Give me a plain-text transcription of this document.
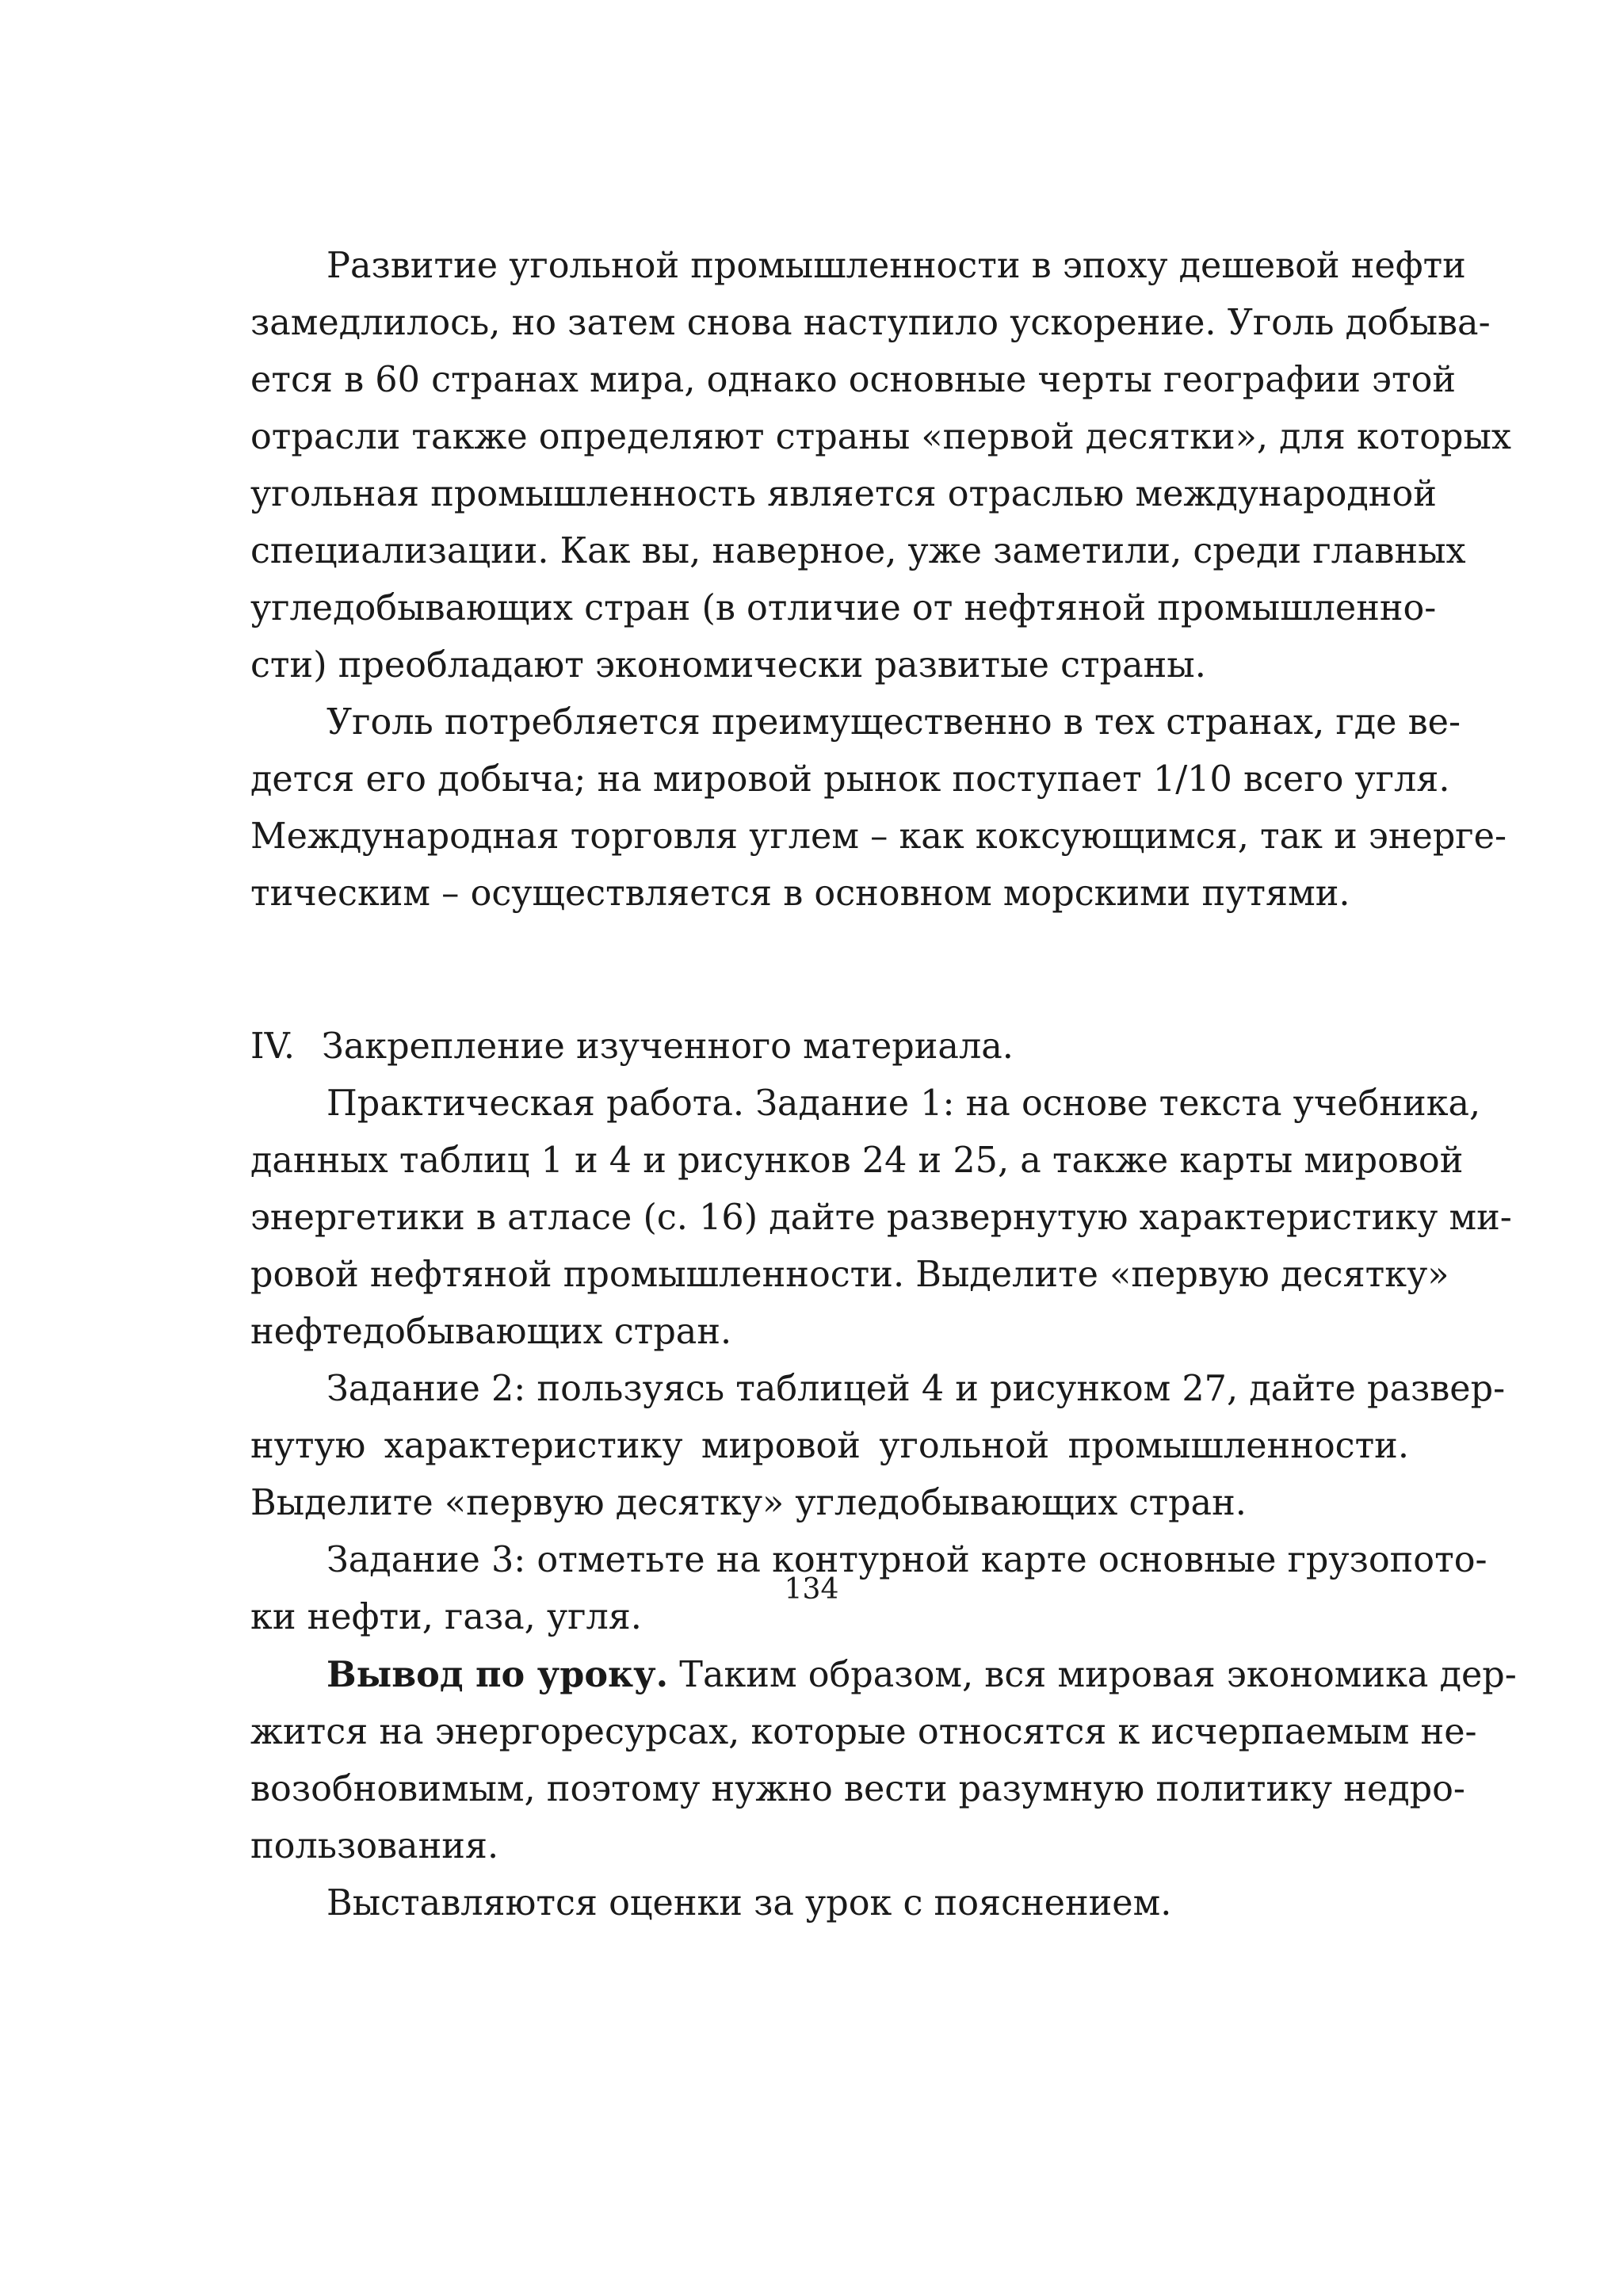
Развитие угольной промышленности в эпоху дешевой нефти

замедлилось, но затем снова наступило ускорение. Уголь добыва-

ется в 60 странах мира, однако основные черты географии этой

отрасли также определяют страны «первой десятки», для которых

угольная промышленность является отраслью международной

специализации. Как вы, наверное, уже заметили, среди главных

угледобывающих стран (в отличие от нефтяной промышленно-

сти) преобладают экономически развитые страны.

Уголь потребляется преимущественно в тех странах, где ве-

дется его добыча; на мировой рынок поступает 1/10 всего угля.

Международная торговля углем – как коксующимся, так и энерге-

тическим – осуществляется в основном морскими путями.

IV. Закрепление изученного материала.

Практическая работа. Задание 1: на основе текста учебника,

данных таблиц 1 и 4 и рисунков 24 и 25, а также карты мировой

энергетики в атласе (с. 16) дайте развернутую характеристику ми-

ровой нефтяной промышленности. Выделите «первую десятку»

нефтедобывающих стран.

Задание 2: пользуясь таблицей 4 и рисунком 27, дайте развер-

нутую характеристику мировой угольной промышленности.

Выделите «первую десятку» угледобывающих стран.

Задание 3: отметьте на контурной карте основные грузопото-

ки нефти, газа, угля.

Вывод по уроку. Таким образом, вся мировая экономика дер-

жится на энергоресурсах, которые относятся к исчерпаемым не-

возобновимым, поэтому нужно вести разумную политику недро-

пользования.

Выставляются оценки за урок с пояснением.

134
